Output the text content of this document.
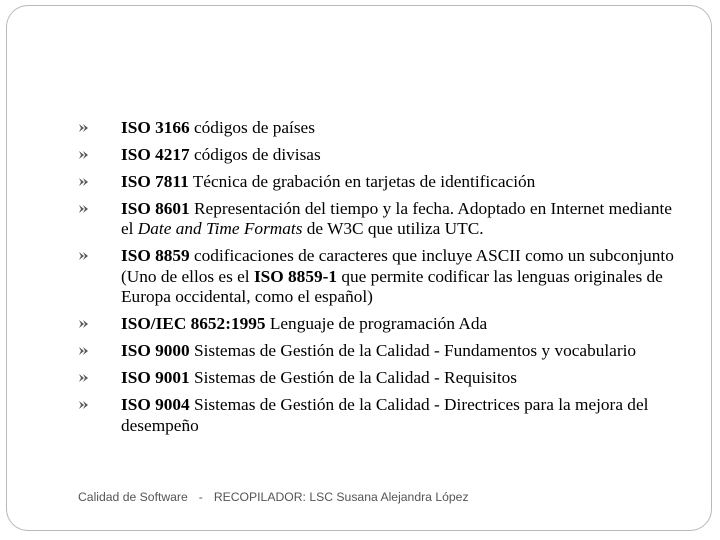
ISO 3166 códigos de países
ISO 4217 códigos de divisas
ISO 7811 Técnica de grabación en tarjetas de identificación
ISO 8601 Representación del tiempo y la fecha. Adoptado en Internet mediante el Date and Time Formats de W3C que utiliza UTC.
ISO 8859 codificaciones de caracteres que incluye ASCII como un subconjunto (Uno de ellos es el ISO 8859-1 que permite codificar las lenguas originales de Europa occidental, como el español)
ISO/IEC 8652:1995 Lenguaje de programación Ada
ISO 9000 Sistemas de Gestión de la Calidad - Fundamentos y vocabulario
ISO 9001 Sistemas de Gestión de la Calidad - Requisitos
ISO 9004 Sistemas de Gestión de la Calidad - Directrices para la mejora del desempeño
Calidad de Software - RECOPILADOR: LSC Susana Alejandra López
